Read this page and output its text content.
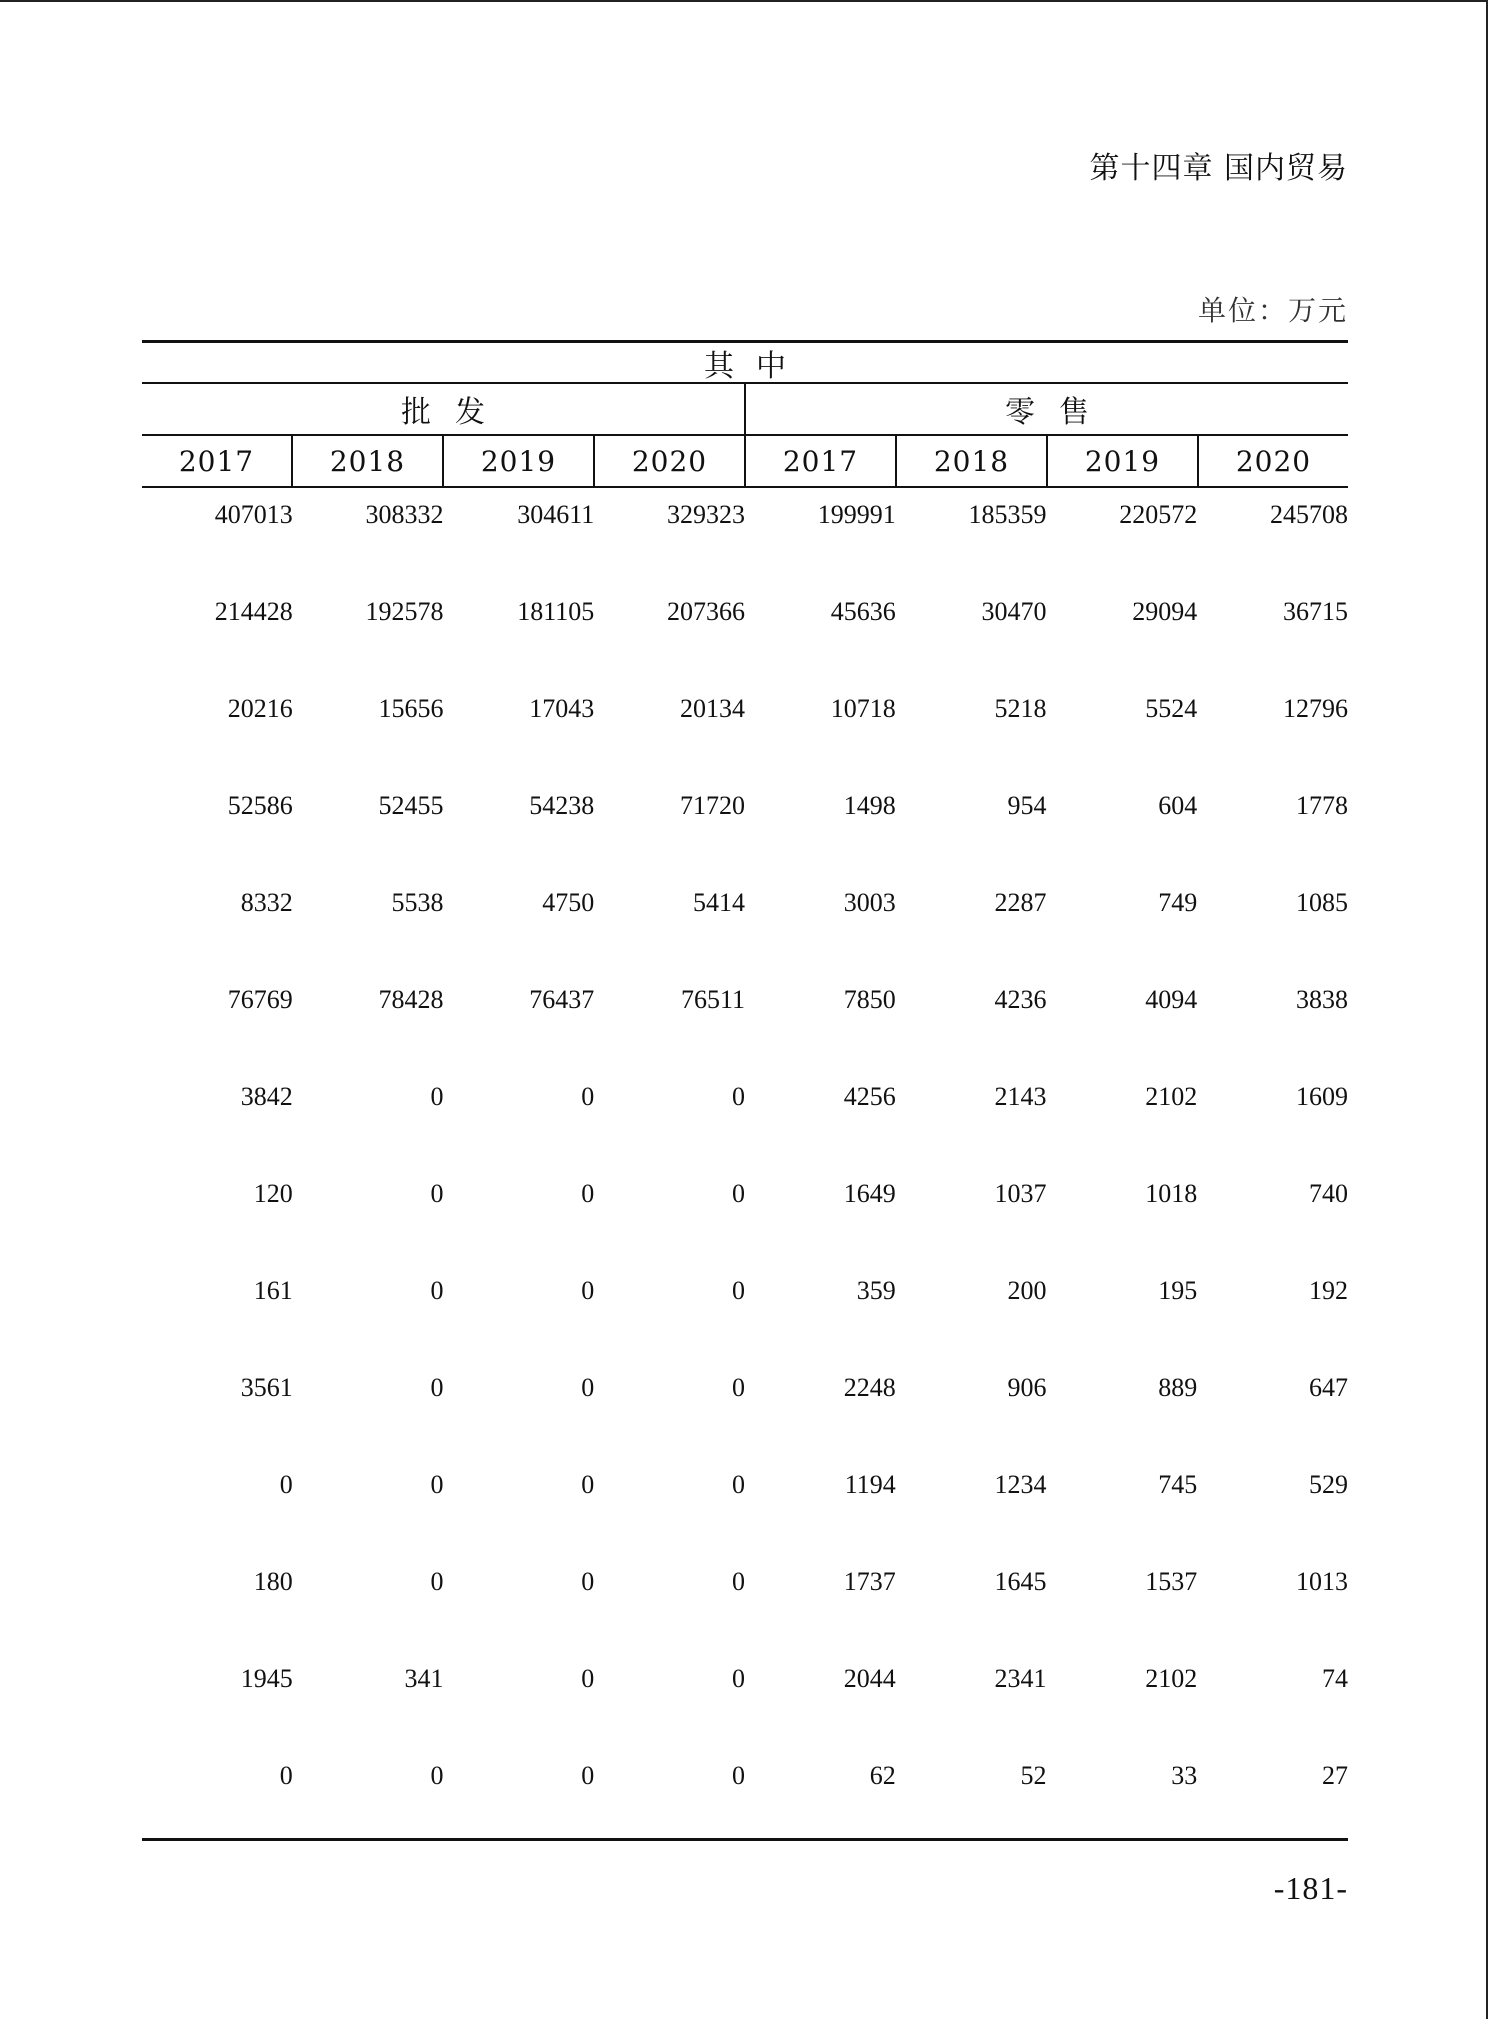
第十四章 国内贸易
单位：万元
其中
批发	零售
2017	2018	2019	2020	2017	2018	2019	2020
407013	308332	304611	329323	199991	185359	220572	245708
214428	192578	181105	207366	45636	30470	29094	36715
20216	15656	17043	20134	10718	5218	5524	12796
52586	52455	54238	71720	1498	954	604	1778
8332	5538	4750	5414	3003	2287	749	1085
76769	78428	76437	76511	7850	4236	4094	3838
3842	0	0	0	4256	2143	2102	1609
120	0	0	0	1649	1037	1018	740
161	0	0	0	359	200	195	192
3561	0	0	0	2248	906	889	647
0	0	0	0	1194	1234	745	529
180	0	0	0	1737	1645	1537	1013
1945	341	0	0	2044	2341	2102	74
0	0	0	0	62	52	33	27
-181-
